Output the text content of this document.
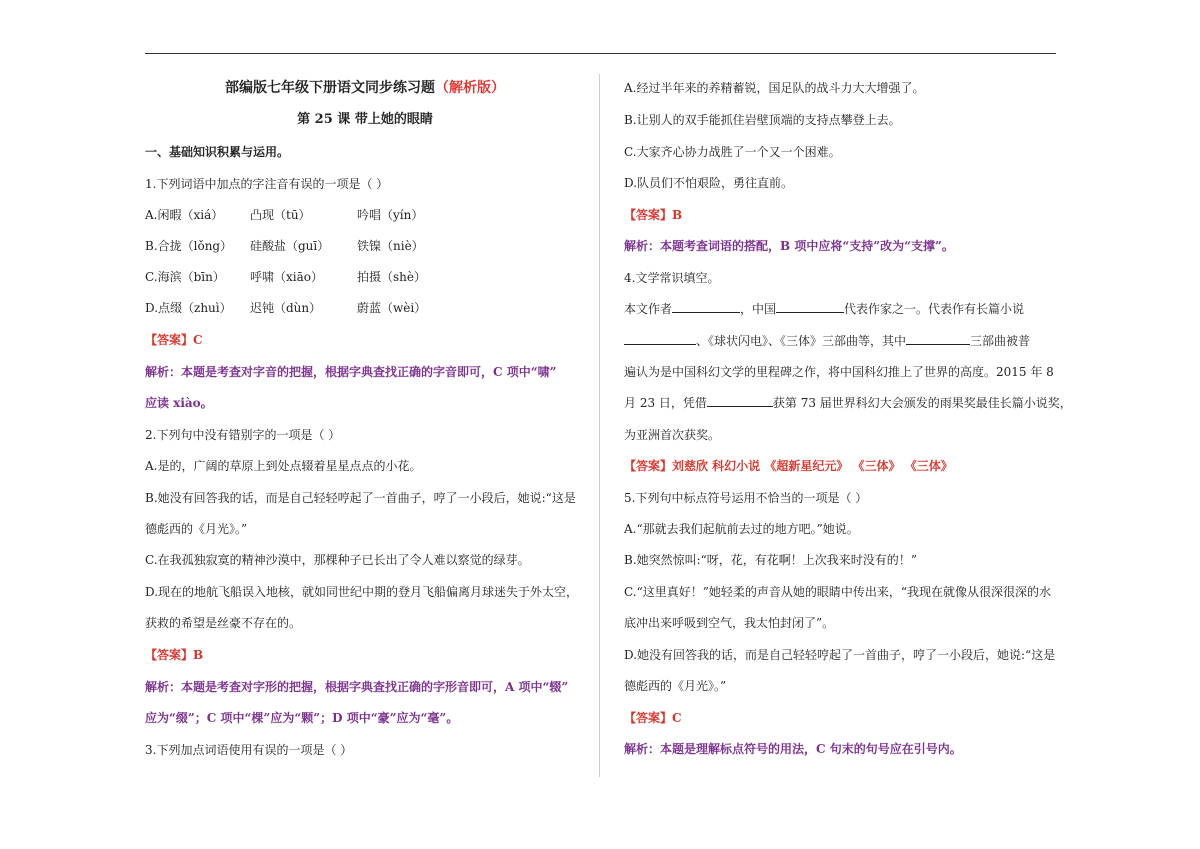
部编版七年级下册语文同步练习题（解析版）
第 25 课 带上她的眼睛
一、基础知识积累与运用。
1.下列词语中加点的字注音有误的一项是（ ）
A.闲暇（xiá） 凸现（tū）	吟唱（yín）
B.合拢（lǒng） 硅酸盐（guī） 铁镍（niè）
C.海滨（bīn） 呼啸（xiāo）	拍摄（shè）
D.点缀（zhuì） 迟钝（dùn）	蔚蓝（wèi）
【答案】C
解析：本题是考查对字音的把握，根据字典查找正确的字音即可，C 项中“啸”
应读 xiào。
2.下列句中没有错别字的一项是（ ）
A.是的，广阔的草原上到处点辍着星星点点的小花。
B.她没有回答我的话，而是自己轻轻哼起了一首曲子，哼了一小段后，她说:“这是
德彪西的《月光》。”
C.在我孤独寂寞的精神沙漠中，那棵种子已长出了令人难以察觉的绿芽。
D.现在的地航飞船误入地核，就如同世纪中期的登月飞船偏离月球迷失于外太空，
获救的希望是丝豪不存在的。
【答案】B
解析：本题是考查对字形的把握，根据字典查找正确的字形音即可，A 项中“辍”
应为“缀”；C 项中“棵”应为“颗”；D 项中“豪”应为“毫”。
3.下列加点词语使用有误的一项是（ ）
A.经过半年来的养精蓄锐，国足队的战斗力大大增强了。
B.让别人的双手能抓住岩壁顶端的支持点攀登上去。
C.大家齐心协力战胜了一个又一个困难。
D.队员们不怕艰险，勇往直前。
【答案】B
解析：本题考查词语的搭配，B 项中应将“支持”改为“支撑”。
4.文学常识填空。
本文作者	，中国	代表作家之一。代表作有长篇小说
、《球状闪电》、《三体》三部曲等，其中	三部曲被普
遍认为是中国科幻文学的里程碑之作，将中国科幻推上了世界的高度。2015 年 8
月 23 日，凭借	获第 73 届世界科幻大会颁发的雨果奖最佳长篇小说奖，
为亚洲首次获奖。
【答案】刘慈欣 科幻小说 《超新星纪元》 《三体》 《三体》
5.下列句中标点符号运用不恰当的一项是（ ）
A.“那就去我们起航前去过的地方吧。”她说。
B.她突然惊叫:“呀，花，有花啊！上次我来时没有的！”
C.“这里真好！”她轻柔的声音从她的眼睛中传出来，“我现在就像从很深很深的水
底冲出来呼吸到空气，我太怕封闭了”。
D.她没有回答我的话，而是自己轻轻哼起了一首曲子，哼了一小段后，她说:“这是
德彪西的《月光》。”
【答案】C
解析：本题是理解标点符号的用法，C 句末的句号应在引号内。
